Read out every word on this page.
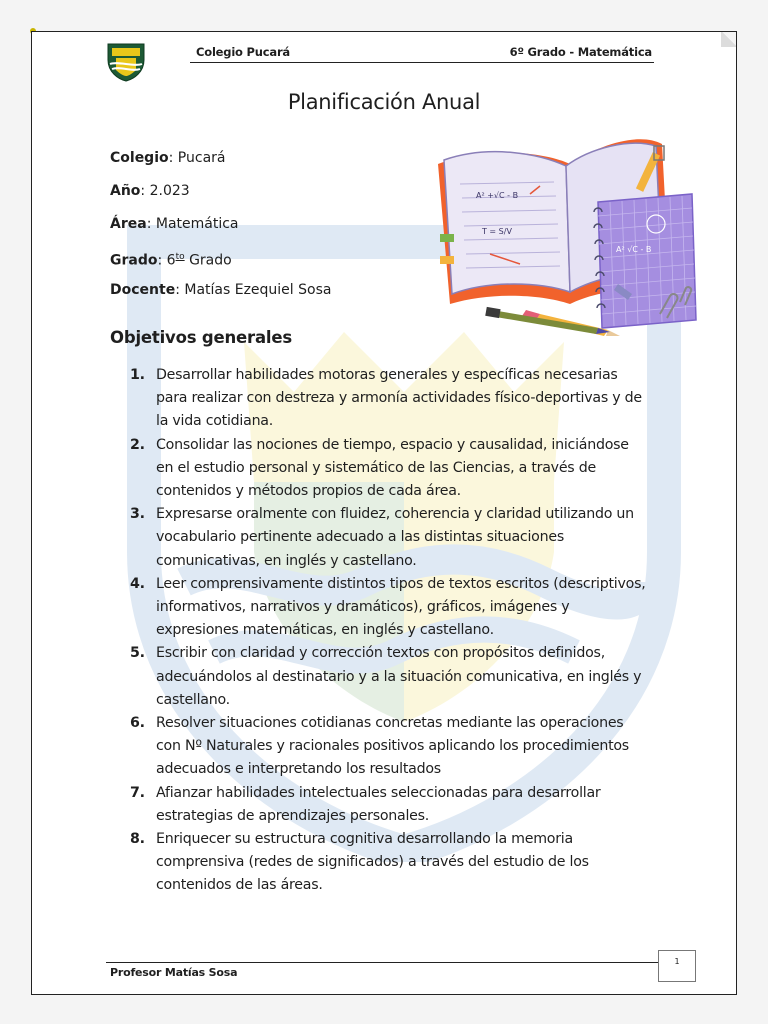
Colegio Pucará	6º Grado - Matemática
Planificación Anual
Colegio: Pucará
Año: 2.023
Área: Matemática
Grado: $6^{to}$ Grado
Docente: Matías Ezequiel Sosa
A² +√C - B
T = S/V
A² √C - B
Objetivos generales
1. Desarrollar habilidades motoras generales y específicas necesarias para realizar con destreza y armonía actividades físico-deportivas y de la vida cotidiana.
2. Consolidar las nociones de tiempo, espacio y causalidad, iniciándose en el estudio personal y sistemático de las Ciencias, a través de contenidos y métodos propios de cada área.
3. Expresarse oralmente con fluidez, coherencia y claridad utilizando un vocabulario pertinente adecuado a las distintas situaciones comunicativas, en inglés y castellano.
4. Leer comprensivamente distintos tipos de textos escritos (descriptivos, informativos, narrativos y dramáticos), gráficos, imágenes y expresiones matemáticas, en inglés y castellano.
5. Escribir con claridad y corrección textos con propósitos definidos, adecuándolos al destinatario y a la situación comunicativa, en inglés y castellano.
6. Resolver situaciones cotidianas concretas mediante las operaciones con Nº Naturales y racionales positivos aplicando los procedimientos adecuados e interpretando los resultados
7. Afianzar habilidades intelectuales seleccionadas para desarrollar estrategias de aprendizajes personales.
8. Enriquecer su estructura cognitiva desarrollando la memoria comprensiva (redes de significados) a través del estudio de los contenidos de las áreas.
Profesor Matías Sosa
1
